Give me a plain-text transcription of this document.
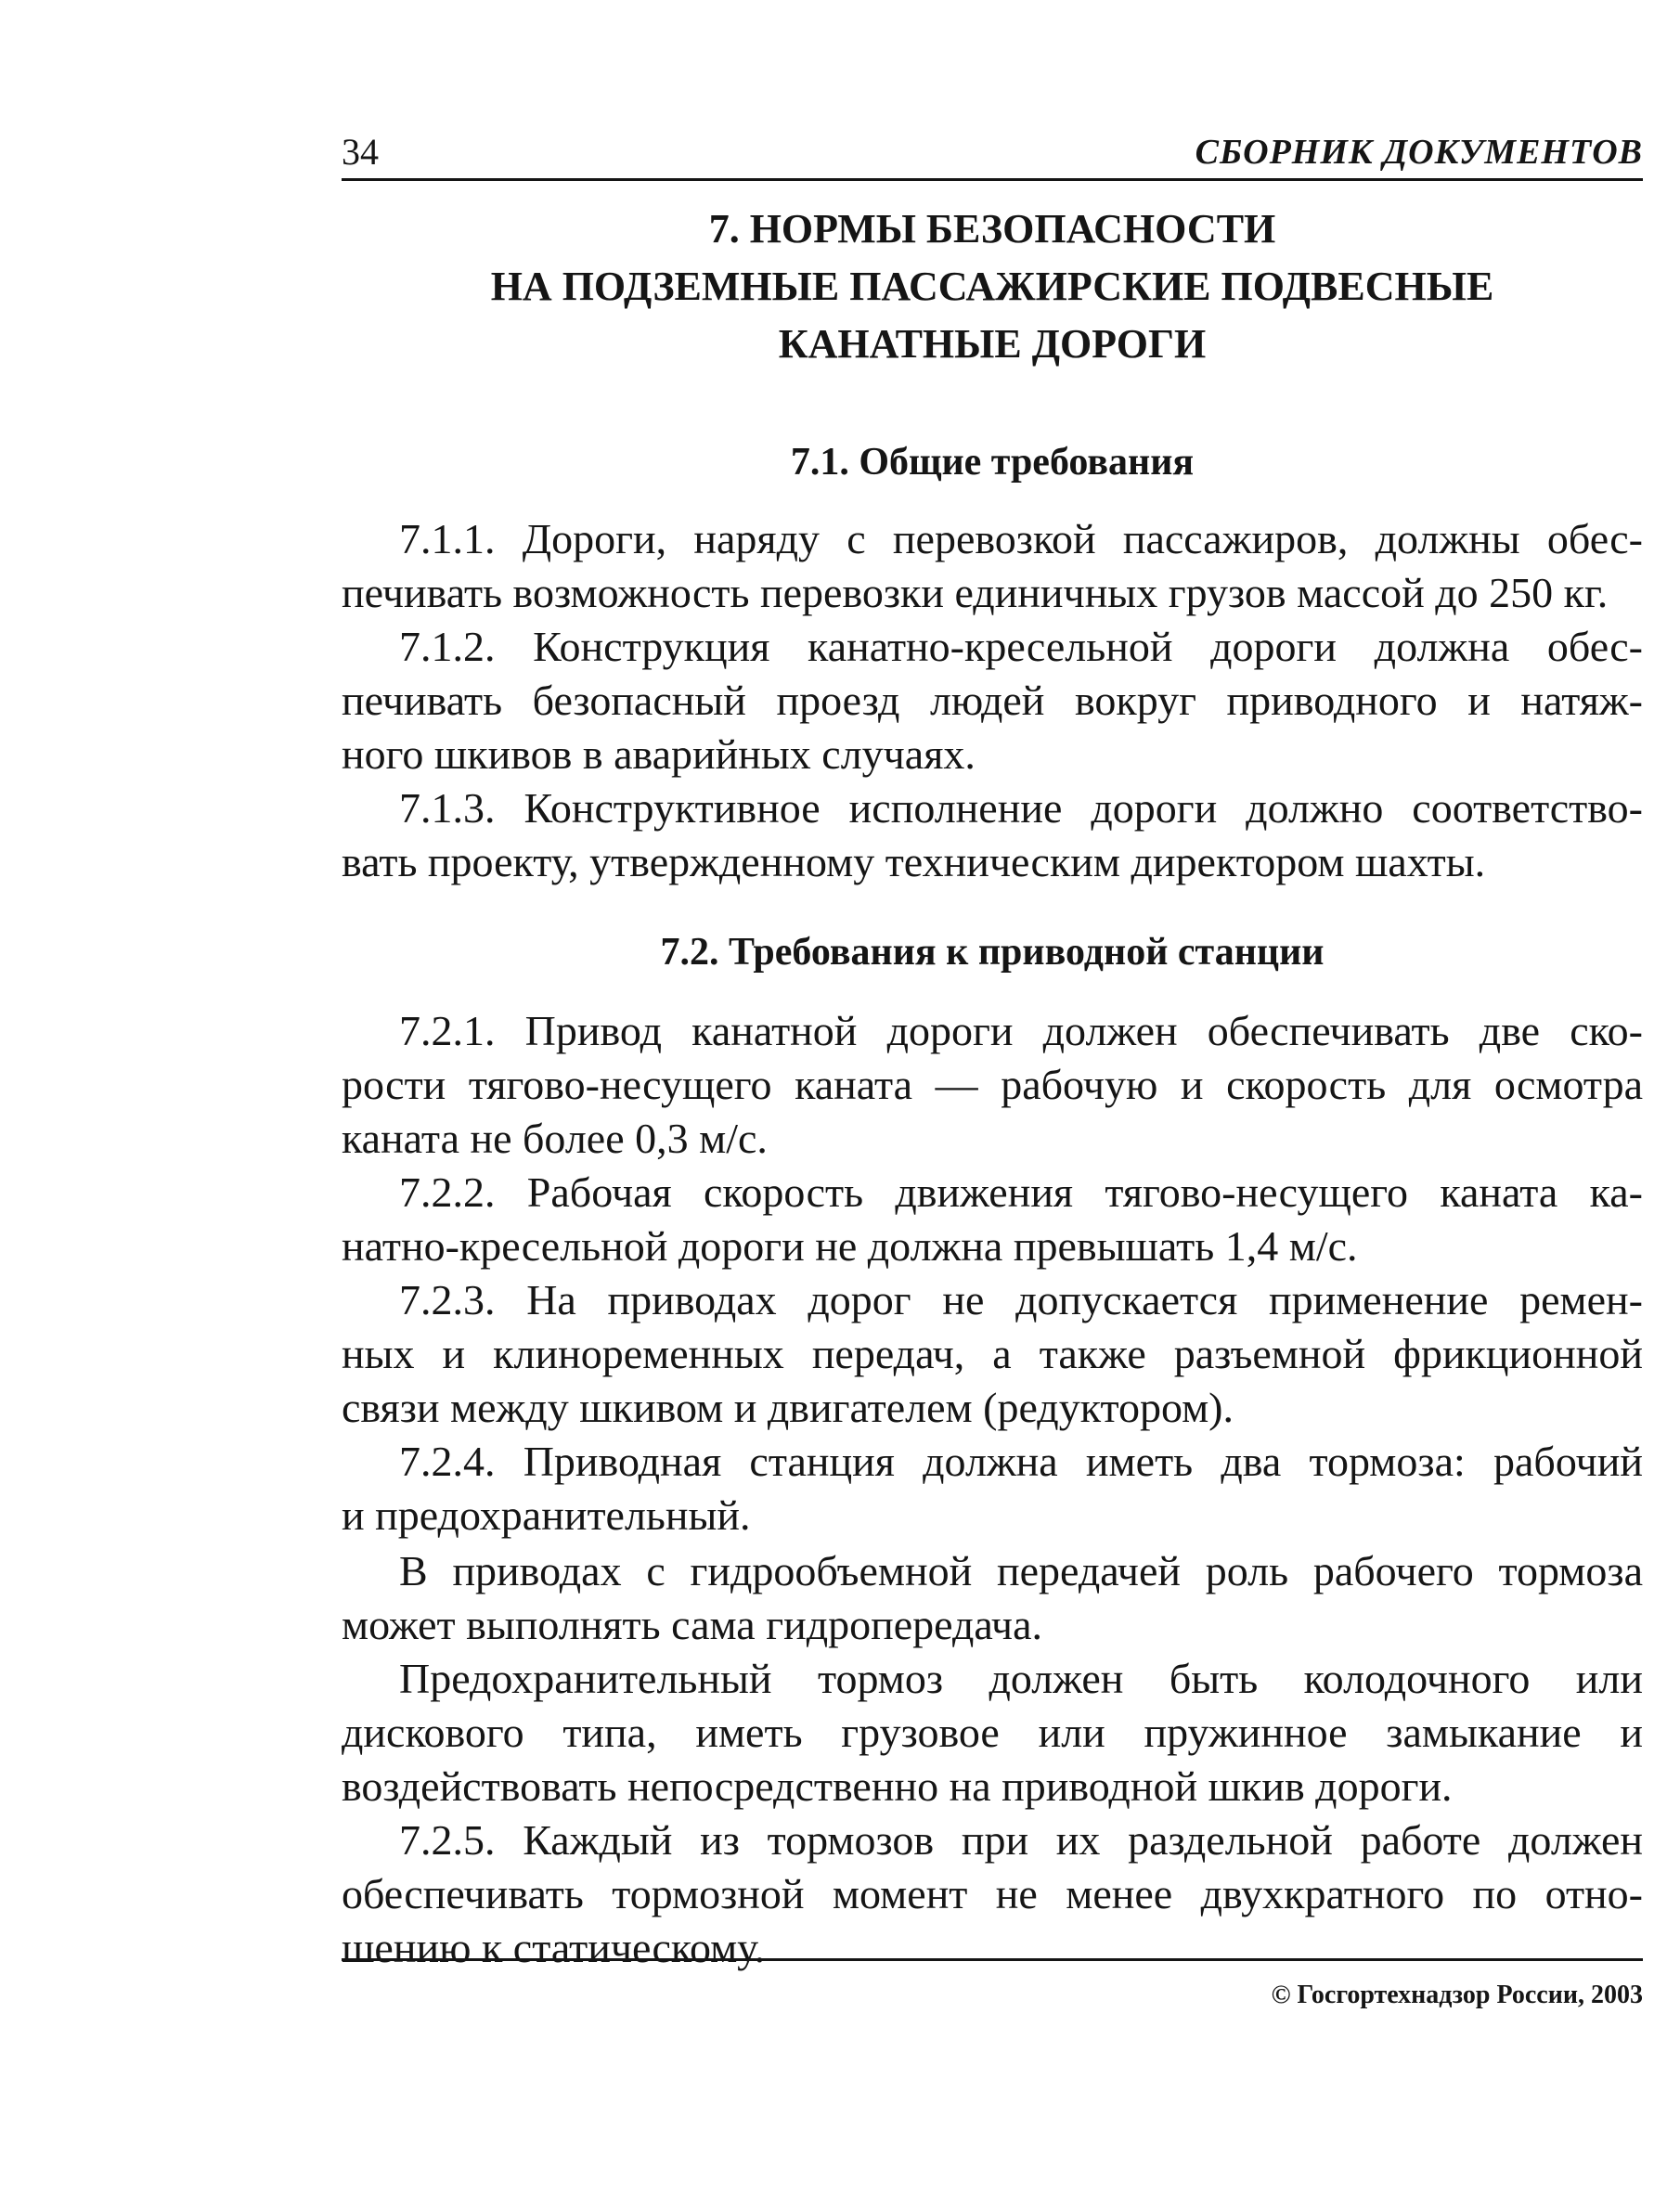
34	СБОРНИК ДОКУМЕНТОВ
7. НОРМЫ БЕЗОПАСНОСТИ
НА ПОДЗЕМНЫЕ ПАССАЖИРСКИЕ ПОДВЕСНЫЕ
КАНАТНЫЕ ДОРОГИ
7.1. Общие требования
7.1.1. Дороги, наряду с перевозкой пассажиров, должны обес-
печивать возможность перевозки единичных грузов массой до 250 кг.
7.1.2. Конструкция канатно-кресельной дороги должна обес-
печивать безопасный проезд людей вокруг приводного и натяж-
ного шкивов в аварийных случаях.
7.1.3. Конструктивное исполнение дороги должно соответство-
вать проекту, утвержденному техническим директором шахты.
7.2. Требования к приводной станции
7.2.1. Привод канатной дороги должен обеспечивать две ско-
рости тягово-несущего каната — рабочую и скорость для осмотра
каната не более 0,3 м/с.
7.2.2. Рабочая скорость движения тягово-несущего каната ка-
натно-кресельной дороги не должна превышать 1,4 м/с.
7.2.3. На приводах дорог не допускается применение ремен-
ных и клиноременных передач, а также разъемной фрикционной
связи между шкивом и двигателем (редуктором).
7.2.4. Приводная станция должна иметь два тормоза: рабочий
и предохранительный.
В приводах с гидрообъемной передачей роль рабочего тормоза
может выполнять сама гидропередача.
Предохранительный тормоз должен быть колодочного или
дискового типа, иметь грузовое или пружинное замыкание и
воздействовать непосредственно на приводной шкив дороги.
7.2.5. Каждый из тормозов при их раздельной работе должен
обеспечивать тормозной момент не менее двухкратного по отно-
шению к статическому.
© Госгортехнадзор России, 2003
